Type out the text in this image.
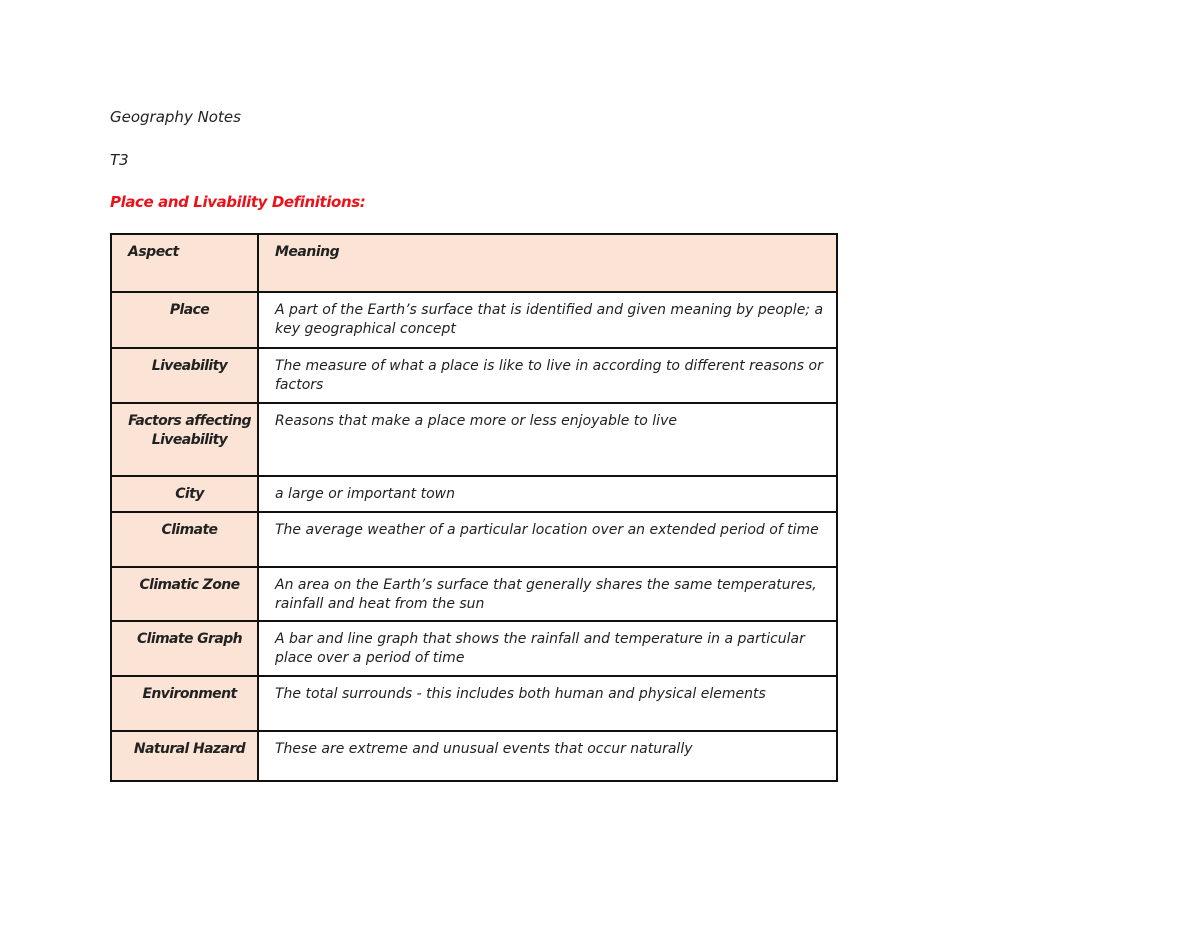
Geography Notes
T3
Place and Livability Definitions:
Aspect	Meaning
Place	A part of the Earth’s surface that is identified and given meaning by people; a key geographical concept
Liveability	The measure of what a place is like to live in according to different reasons or factors
Factors affecting Liveability	Reasons that make a place more or less enjoyable to live
City	a large or important town
Climate	The average weather of a particular location over an extended period of time
Climatic Zone	An area on the Earth’s surface that generally shares the same temperatures, rainfall and heat from the sun
Climate Graph	A bar and line graph that shows the rainfall and temperature in a particular place over a period of time
Environment	The total surrounds - this includes both human and physical elements
Natural Hazard	These are extreme and unusual events that occur naturally
